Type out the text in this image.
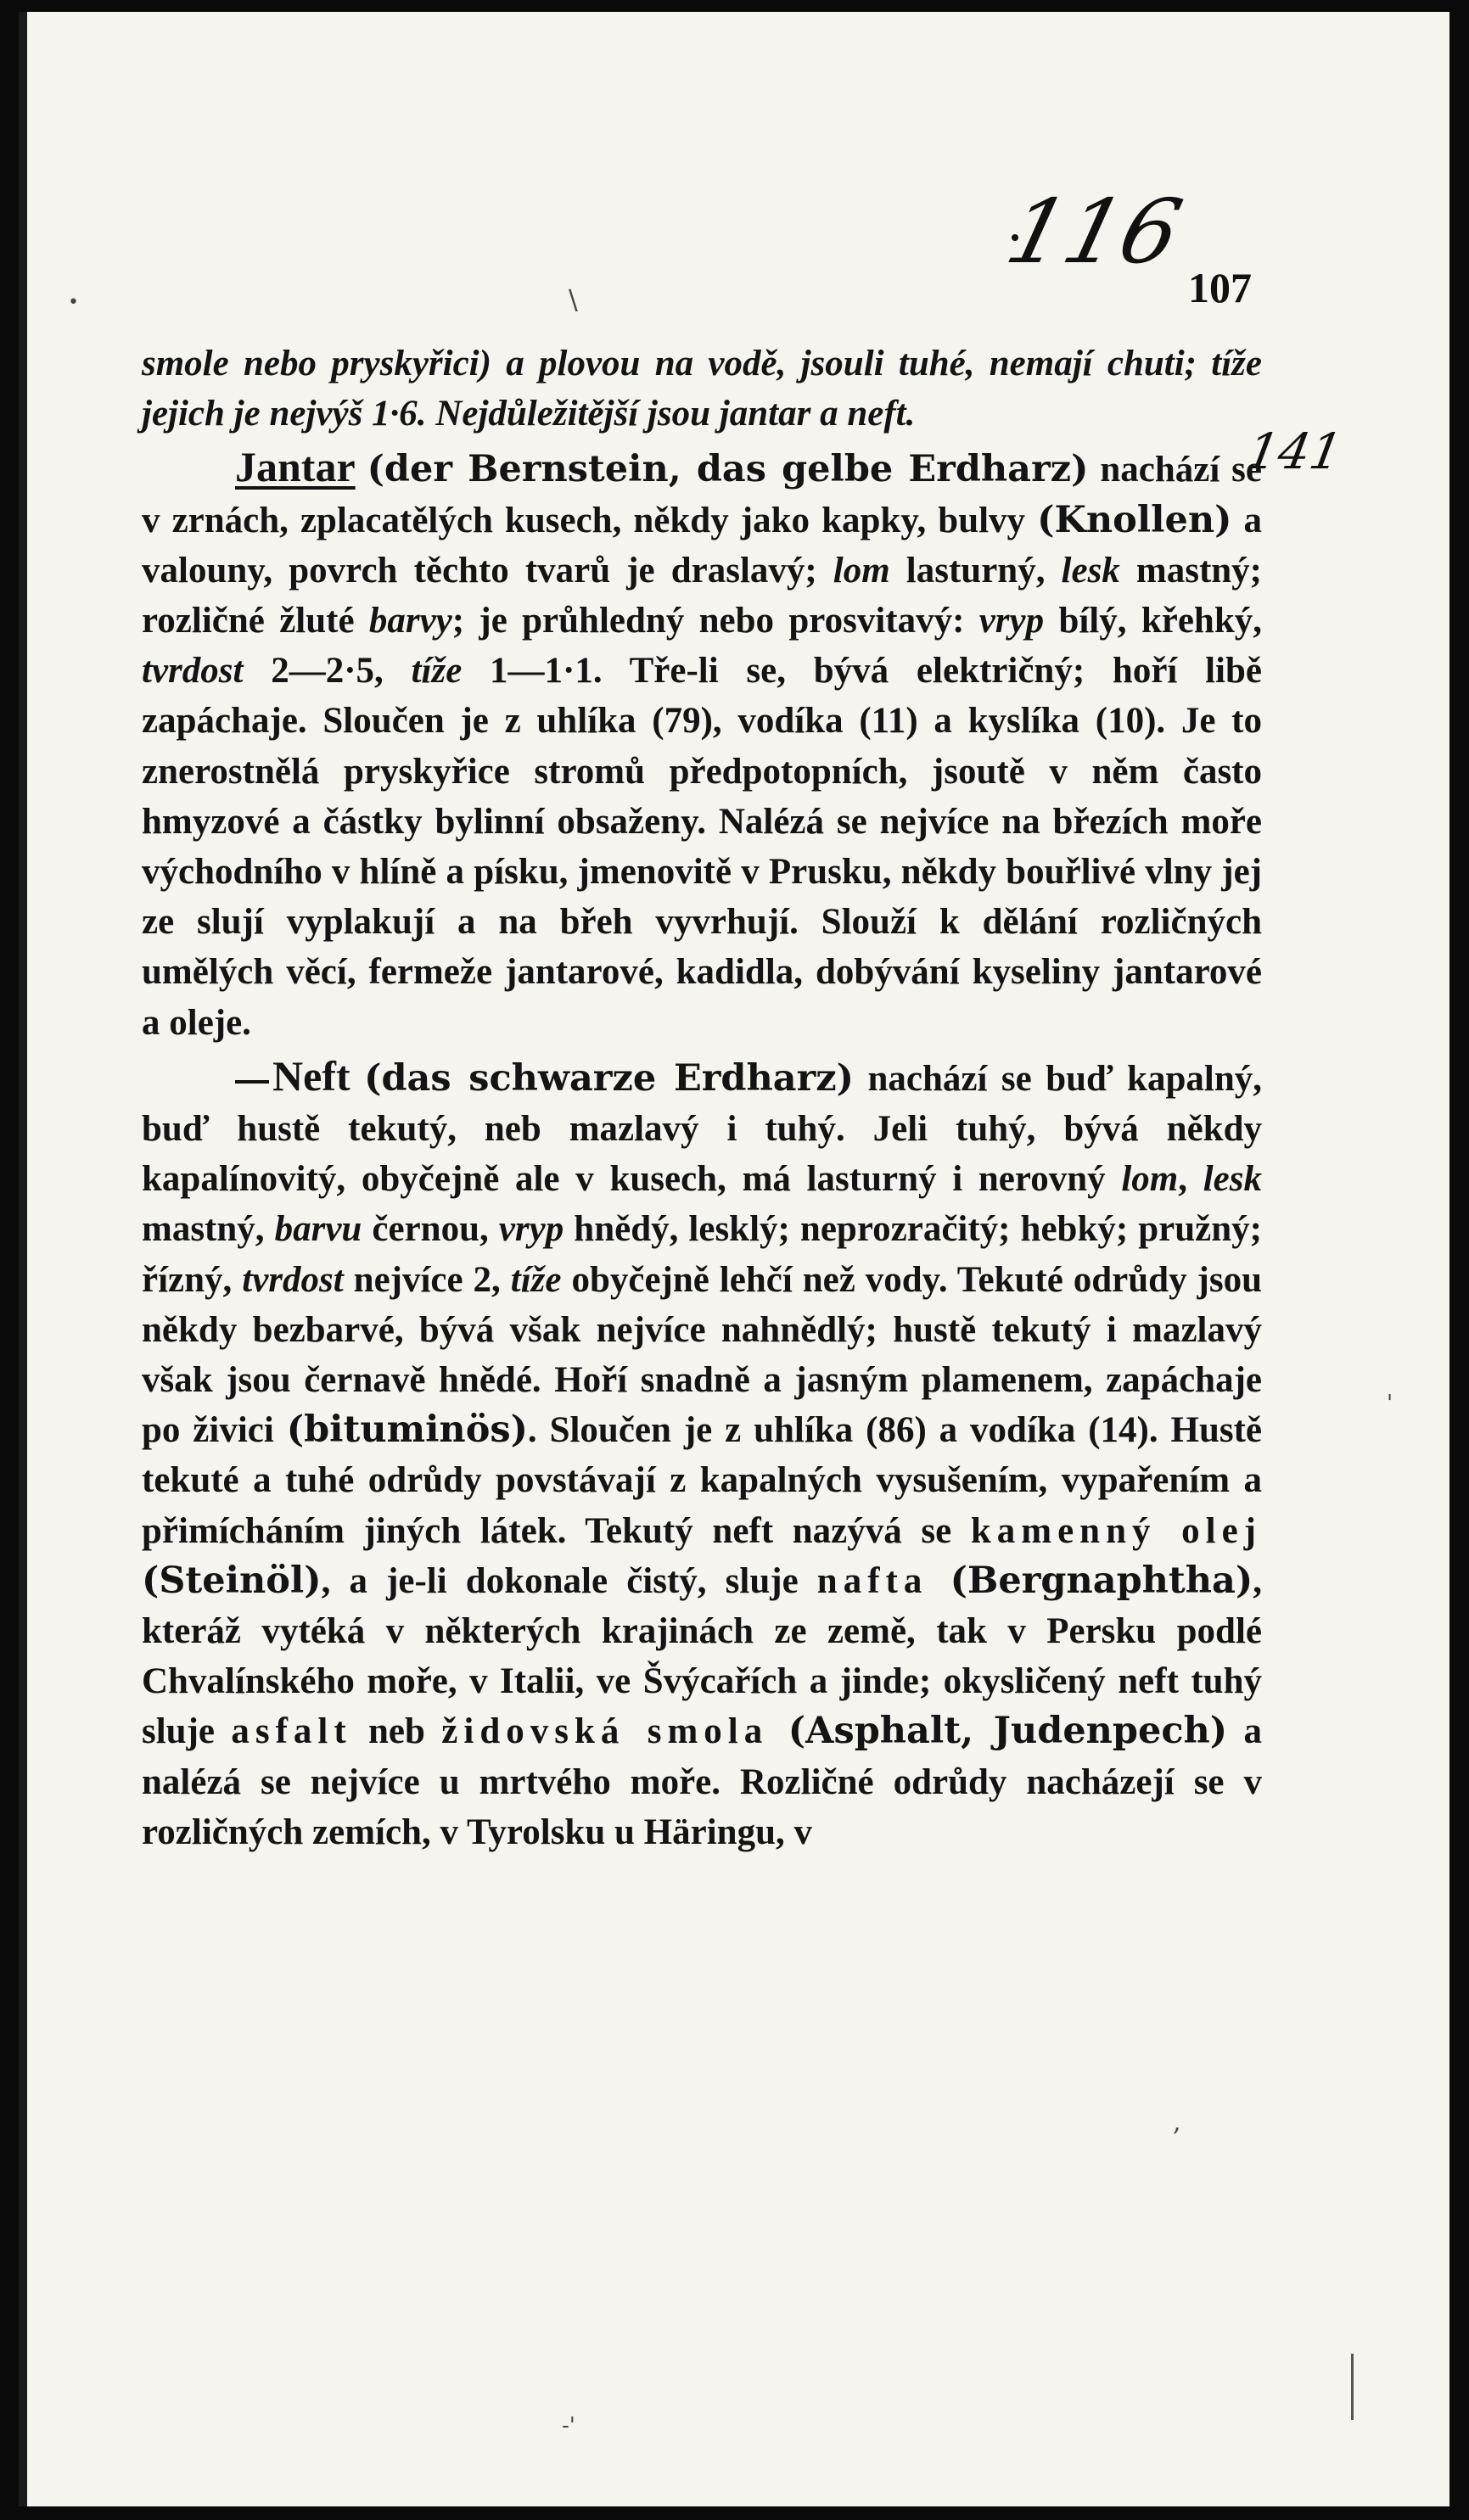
116
107
141
\
•
'
,
-'

smole nebo pryskyřici) a plovou na vodě, jsouli tuhé, nemají chuti; tíže jejich je nejvýš 1·6. Nejdůležitější jsou jantar a neft.

Jantar (der Bernstein, das gelbe Erdharz) nachází se v zrnách, zplacatělých kusech, někdy jako kapky, bulvy (Knollen) a valouny, povrch těchto tvarů je draslavý; lom lasturný, lesk mastný; rozličné žluté barvy; je průhledný nebo prosvitavý: vryp bílý, křehký, tvrdost 2—2·5, tíže 1—1·1. Tře-li se, bývá električný; hoří libě zapáchaje. Sloučen je z uhlíka (79), vodíka (11) a kyslíka (10). Je to znerostnělá pryskyřice stromů předpotopních, jsoutě v něm často hmyzové a částky bylinní obsaženy. Nalézá se nejvíce na březích moře východního v hlíně a písku, jmenovitě v Prusku, někdy bouřlivé vlny jej ze slují vyplakují a na břeh vyvrhují. Slouží k dělání rozličných umělých věcí, fermeže jantarové, kadidla, dobývání kyseliny jantarové a oleje.

Neft (das schwarze Erdharz) nachází se buď kapalný, buď hustě tekutý, neb mazlavý i tuhý. Jeli tuhý, bývá někdy kapalínovitý, obyčejně ale v kusech, má lasturný i nerovný lom, lesk mastný, barvu černou, vryp hnědý, lesklý; neprozračitý; hebký; pružný; řízný, tvrdost nejvíce 2, tíže obyčejně lehčí než vody. Tekuté odrůdy jsou někdy bezbarvé, bývá však nejvíce nahnědlý; hustě tekutý i mazlavý však jsou černavě hnědé. Hoří snadně a jasným plamenem, zapáchaje po živici (bituminös). Sloučen je z uhlíka (86) a vodíka (14). Hustě tekuté a tuhé odrůdy povstávají z kapalných vysušením, vypařením a přimícháním jiných látek. Tekutý neft nazývá se kamenný olej (Steinöl), a je-li dokonale čistý, sluje nafta (Bergnaphtha), kteráž vytéká v některých krajinách ze země, tak v Persku podlé Chvalínského moře, v Italii, ve Švýcařích a jinde; okysličený neft tuhý sluje asfalt neb židovská smola (Asphalt, Judenpech) a nalézá se nejvíce u mrtvého moře. Rozličné odrůdy nacházejí se v rozličných zemích, v Tyrolsku u Häringu, v
